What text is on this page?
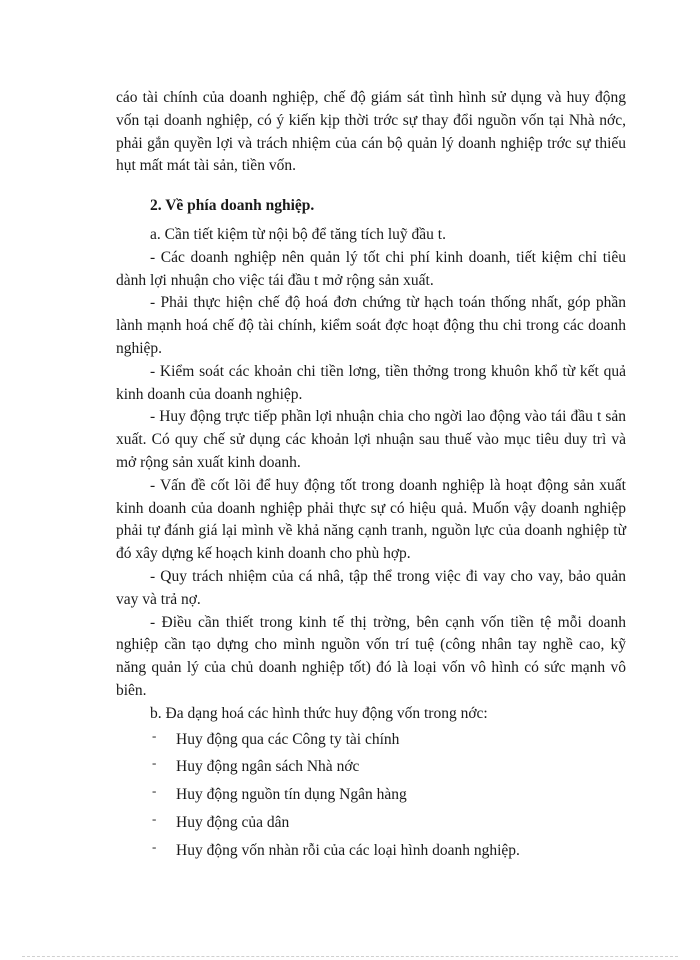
cáo tài chính của doanh nghiệp, chế độ giám sát tình hình sử dụng và huy động vốn tại doanh nghiệp, có ý kiến kịp thời trớc sự thay đổi nguồn vốn tại Nhà nớc, phải gắn quyền lợi và trách nhiệm của cán bộ quản lý doanh nghiệp trớc sự thiếu hụt mất mát tài sản, tiền vốn.

2. Về phía doanh nghiệp.

a. Cần tiết kiệm từ nội bộ để tăng tích luỹ đầu t.

- Các doanh nghiệp nên quản lý tốt chi phí kinh doanh, tiết kiệm chỉ tiêu dành lợi nhuận cho việc tái đầu t mở rộng sản xuất.

- Phải thực hiện chế độ hoá đơn chứng từ hạch toán thống nhất, góp phần lành mạnh hoá chế độ tài chính, kiểm soát đợc hoạt động thu chi trong các doanh nghiệp.

- Kiểm soát các khoản chi tiền lơng, tiền thởng trong khuôn khổ từ kết quả kinh doanh của doanh nghiệp.

- Huy động trực tiếp phần lợi nhuận chia cho ngời lao động vào tái đầu t sản xuất. Có quy chế sử dụng các khoản lợi nhuận sau thuế vào mục tiêu duy trì và mở rộng sản xuất kinh doanh.

- Vấn đề cốt lõi để huy động tốt trong doanh nghiệp là hoạt động sản xuất kinh doanh của doanh nghiệp phải thực sự có hiệu quả. Muốn vậy doanh nghiệp phải tự đánh giá lại mình về khả năng cạnh tranh, nguồn lực của doanh nghiệp từ đó xây dựng kế hoạch kinh doanh cho phù hợp.

- Quy trách nhiệm của cá nhâ, tập thể trong việc đi vay cho vay, bảo quản vay và trả nợ.

- Điều cần thiết trong kinh tế thị trờng, bên cạnh vốn tiền tệ mỗi doanh nghiệp cần tạo dựng cho mình nguồn vốn trí tuệ (công nhân tay nghề cao, kỹ năng quản lý của chủ doanh nghiệp tốt) đó là loại vốn vô hình có sức mạnh vô biên.

b. Đa dạng hoá các hình thức huy động vốn trong nớc:

- Huy động qua các Công ty tài chính
- Huy động ngân sách Nhà nớc
- Huy động nguồn tín dụng Ngân hàng
- Huy động của dân
- Huy động vốn nhàn rỗi của các loại hình doanh nghiệp.
